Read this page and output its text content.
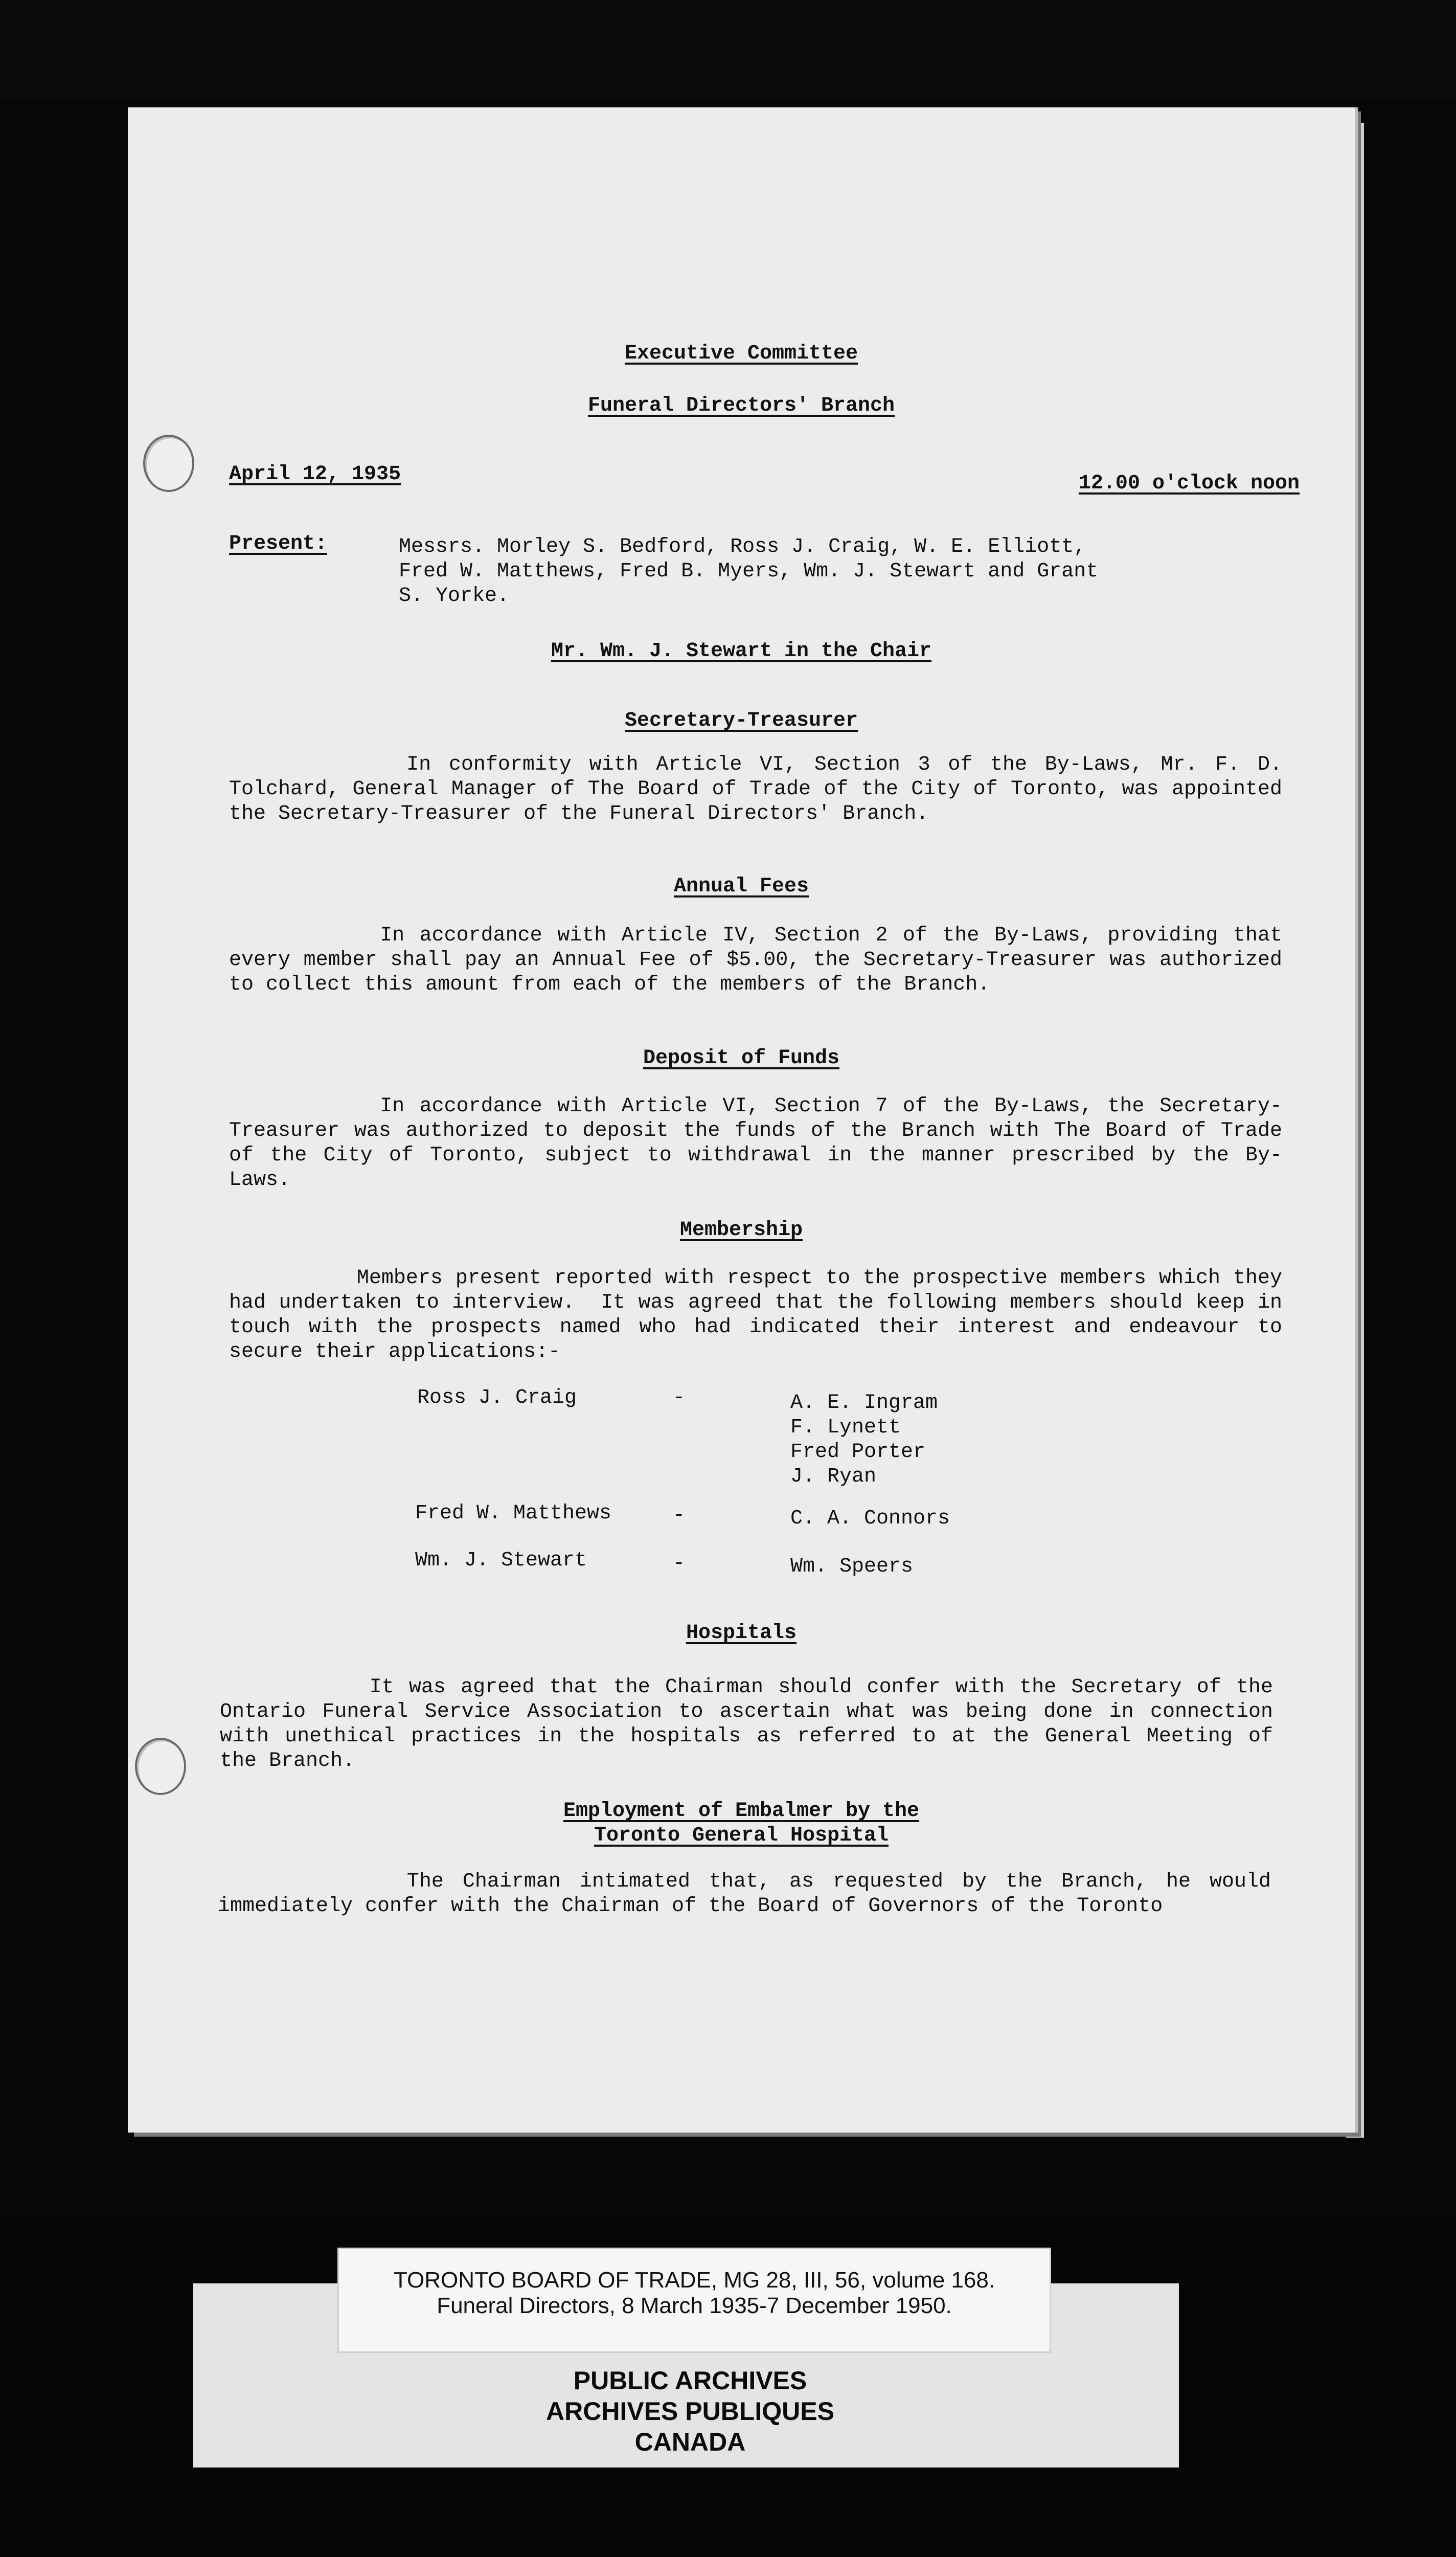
Executive Committee
Funeral Directors' Branch
April 12, 1935	12.00 o'clock noon
Present:	Messrs. Morley S. Bedford, Ross J. Craig, W. E. Elliott,
Fred W. Matthews, Fred B. Myers, Wm. J. Stewart and Grant
S. Yorke.
Mr. Wm. J. Stewart in the Chair
Secretary-Treasurer

In conformity with Article VI, Section 3 of the By-Laws, Mr. F. D. Tolchard, General Manager of The Board of Trade of the City of Toronto, was appointed the Secretary-Treasurer of the Funeral Directors' Branch.

Annual Fees

In accordance with Article IV, Section 2 of the By-Laws, providing that every member shall pay an Annual Fee of $5.00, the Secretary-Treasurer was authorized to collect this amount from each of the members of the Branch.

Deposit of Funds

In accordance with Article VI, Section 7 of the By-Laws, the Secretary-Treasurer was authorized to deposit the funds of the Branch with The Board of Trade of the City of Toronto, subject to withdrawal in the manner prescribed by the By-Laws.

Membership

Members present reported with respect to the prospective members which they had undertaken to interview.  It was agreed that the following members should keep in touch with the prospects named who had indicated their interest and endeavour to secure their applications:-

Ross J. Craig	-	A. E. Ingram
F. Lynett
Fred Porter
J. Ryan
Fred W. Matthews	-	C. A. Connors
Wm. J. Stewart	-	Wm. Speers
Hospitals

It was agreed that the Chairman should confer with the Secretary of the Ontario Funeral Service Association to ascertain what was being done in connection with unethical practices in the hospitals as referred to at the General Meeting of the Branch.

Employment of Embalmer by the
Toronto General Hospital

The Chairman intimated that, as requested by the Branch, he would immediately confer with the Chairman of the Board of Governors of the Toronto

TORONTO BOARD OF TRADE, MG 28, III, 56, volume 168.
Funeral Directors, 8 March 1935-7 December 1950.
PUBLIC ARCHIVES
ARCHIVES PUBLIQUES
CANADA
